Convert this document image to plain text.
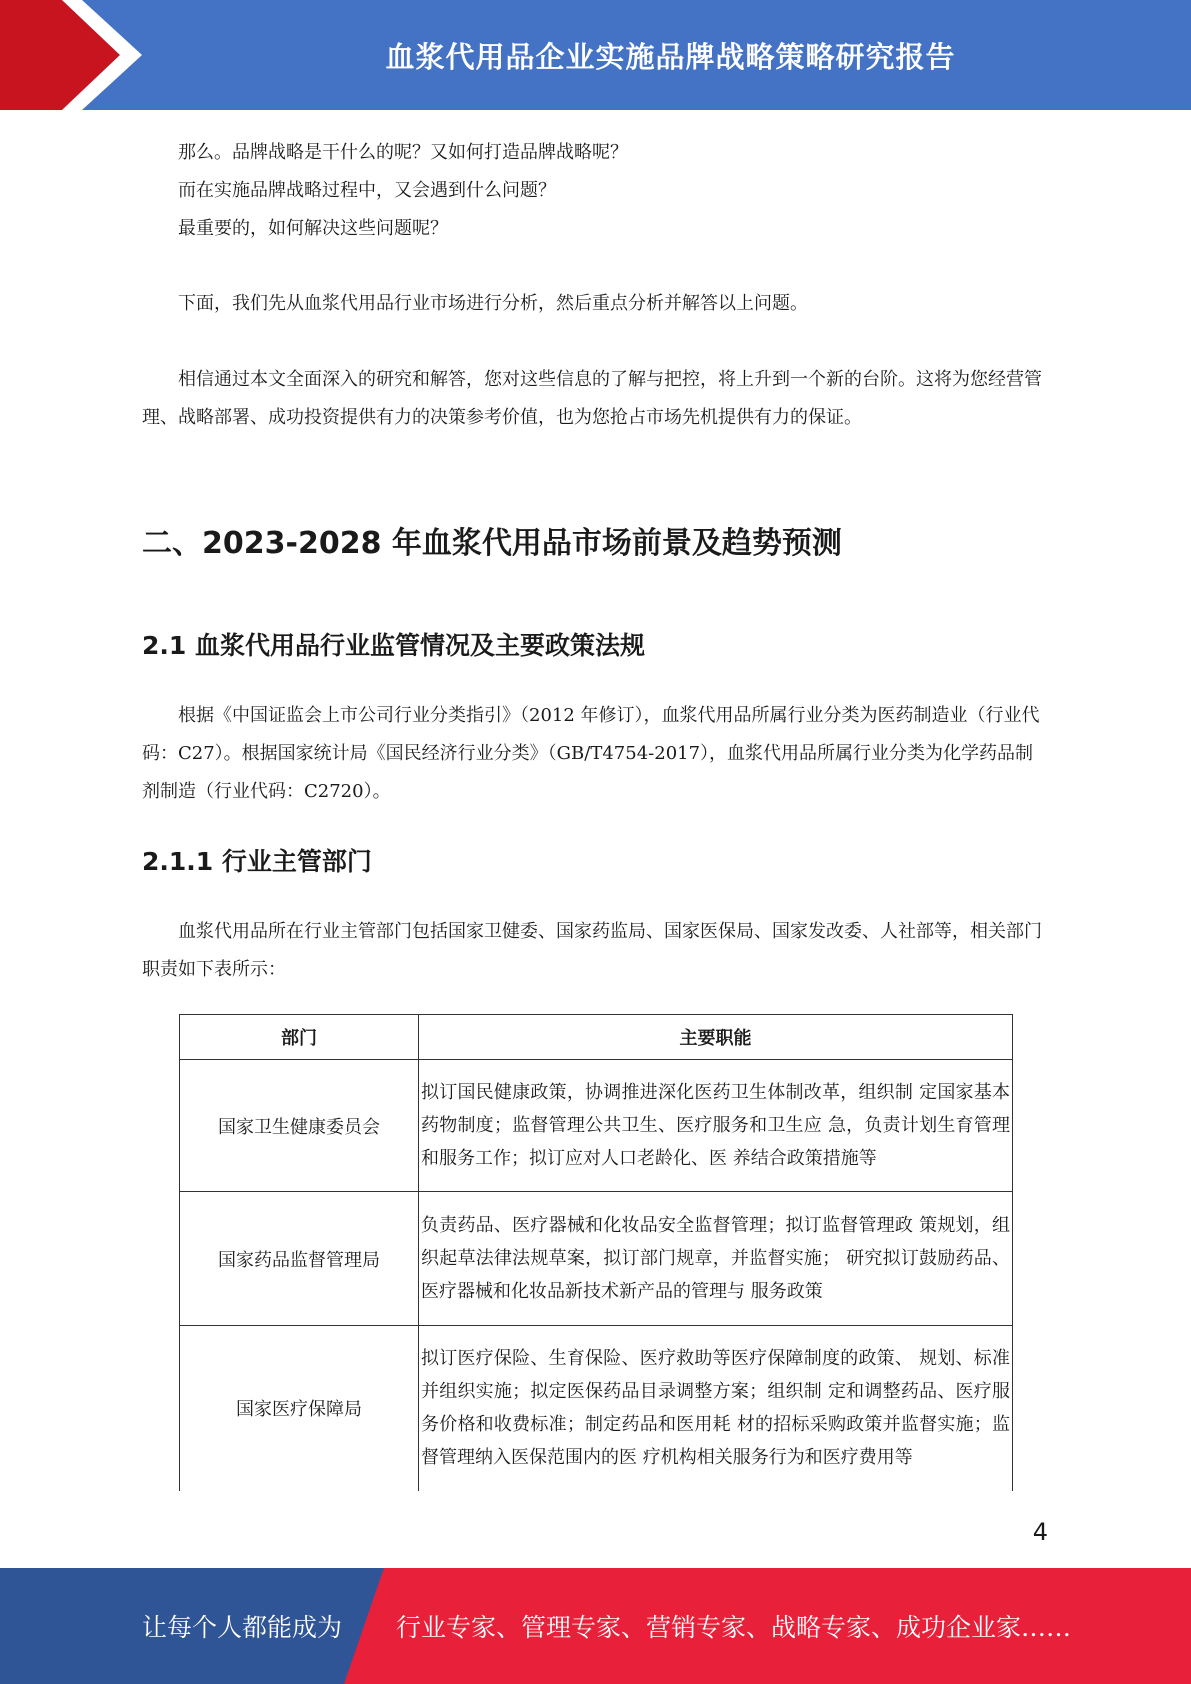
血浆代用品企业实施品牌战略策略研究报告

那么。品牌战略是干什么的呢？又如何打造品牌战略呢？

而在实施品牌战略过程中，又会遇到什么问题？

最重要的，如何解决这些问题呢？

下面，我们先从血浆代用品行业市场进行分析，然后重点分析并解答以上问题。

相信通过本文全面深入的研究和解答，您对这些信息的了解与把控，将上升到一个新的台阶。这将为您经营管理、战略部署、成功投资提供有力的决策参考价值，也为您抢占市场先机提供有力的保证。

二、2023-2028 年血浆代用品市场前景及趋势预测
2.1 血浆代用品行业监管情况及主要政策法规

根据《中国证监会上市公司行业分类指引》（2012 年修订），血浆代用品所属行业分类为医药制造业（行业代码：C27）。根据国家统计局《国民经济行业分类》（GB/T4754-2017），血浆代用品所属行业分类为化学药品制剂制造（行业代码：C2720）。

2.1.1 行业主管部门

血浆代用品所在行业主管部门包括国家卫健委、国家药监局、国家医保局、国家发改委、人社部等，相关部门职责如下表所示：

部门	主要职能
国家卫生健康委员会	拟订国民健康政策，协调推进深化医药卫生体制改革，组织制 定国家基本药物制度；监督管理公共卫生、医疗服务和卫生应 急，负责计划生育管理和服务工作；拟订应对人口老龄化、医 养结合政策措施等
国家药品监督管理局	负责药品、医疗器械和化妆品安全监督管理；拟订监督管理政 策规划，组织起草法律法规草案，拟订部门规章，并监督实施； 研究拟订鼓励药品、医疗器械和化妆品新技术新产品的管理与 服务政策
国家医疗保障局	拟订医疗保险、生育保险、医疗救助等医疗保障制度的政策、 规划、标准并组织实施；拟定医保药品目录调整方案；组织制 定和调整药品、医疗服务价格和收费标准；制定药品和医用耗 材的招标采购政策并监督实施；监督管理纳入医保范围内的医 疗机构相关服务行为和医疗费用等
4
让每个人都能成为 行业专家、管理专家、营销专家、战略专家、成功企业家……
